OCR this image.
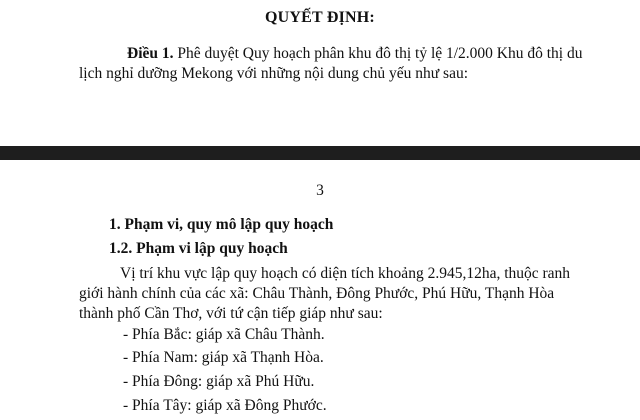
QUYẾT ĐỊNH:
Điều 1. Phê duyệt Quy hoạch phân khu đô thị tỷ lệ 1/2.000 Khu đô thị du
lịch nghỉ dưỡng Mekong với những nội dung chủ yếu như sau:
3
1. Phạm vi, quy mô lập quy hoạch
1.2. Phạm vi lập quy hoạch
Vị trí khu vực lập quy hoạch có diện tích khoảng 2.945,12ha, thuộc ranh
giới hành chính của các xã: Châu Thành, Đông Phước, Phú Hữu, Thạnh Hòa
thành phố Cần Thơ, với tứ cận tiếp giáp như sau:
- Phía Bắc: giáp xã Châu Thành.
- Phía Nam: giáp xã Thạnh Hòa.
- Phía Đông: giáp xã Phú Hữu.
- Phía Tây: giáp xã Đông Phước.
